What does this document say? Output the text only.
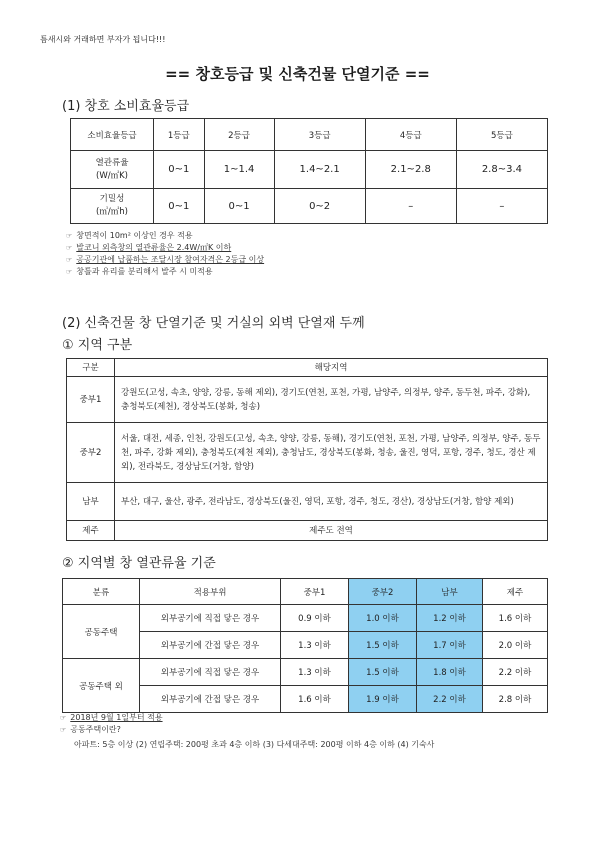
틈새시와 거래하면 부자가 됩니다!!!
== 창호등급 및 신축건물 단열기준 ==
(1) 창호 소비효율등급
소비효율등급	1등급	2등급	3등급	4등급	5등급
열관류율
(W/㎡K)	0~1	1~1.4	1.4~2.1	2.1~2.8	2.8~3.4
기밀성
(㎥/㎡h)	0~1	0~1	0~2	–	–
☞ 창면적이 10m² 이상인 경우 적용
☞ 발코니 외측창의 열관류율은 2.4W/㎡K 이하
☞ 공공기관에 납품하는 조달시장 참여자격은 2등급 이상
☞ 창틀과 유리를 분리해서 발주 시 미적용
(2) 신축건물 창 단열기준 및 거실의 외벽 단열재 두께
① 지역 구분
구분	해당지역
중부1	강원도(고성, 속초, 양양, 강릉, 동해 제외), 경기도(연천, 포천, 가평, 남양주, 의정부, 양주, 동두천, 파주, 강화), 충청북도(제천), 경상북도(봉화, 청송)
중부2	서울, 대전, 세종, 인천, 강원도(고성, 속초, 양양, 강릉, 동해), 경기도(연천, 포천, 가평, 남양주, 의정부, 양주, 동두천, 파주, 강화 제외), 충청북도(제천 제외), 충청남도, 경상북도(봉화, 청송, 울진, 영덕, 포항, 경주, 청도, 경산 제외), 전라북도, 경상남도(거창, 함양)
남부	부산, 대구, 울산, 광주, 전라남도, 경상북도(울진, 영덕, 포항, 경주, 청도, 경산), 경상남도(거창, 함양 제외)
제주	제주도 전역
② 지역별 창 열관류율 기준
분류	적용부위	중부1	중부2	남부	제주
공동주택	외부공기에 직접 닿은 경우	0.9 이하	1.0 이하	1.2 이하	1.6 이하
	외부공기에 간접 닿은 경우	1.3 이하	1.5 이하	1.7 이하	2.0 이하
공동주택 외	외부공기에 직접 닿은 경우	1.3 이하	1.5 이하	1.8 이하	2.2 이하
	외부공기에 간접 닿은 경우	1.6 이하	1.9 이하	2.2 이하	2.8 이하
☞ 2018년 9월 1일부터 적용
☞ 공동주택이란?
아파트: 5층 이상 (2) 연립주택: 200평 초과 4층 이하 (3) 다세대주택: 200평 이하 4층 이하 (4) 기숙사
